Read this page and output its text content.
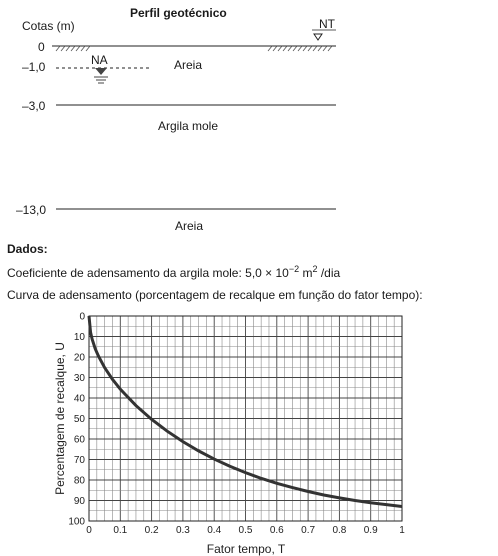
Perfil geotécnico
Cotas (m)	NT
NA
0
–1,0
–3,0
–13,0
Areia
Argila mole
Areia
Dados:
Coeficiente de adensamento da argila mole: $5,0 \times 10^{-2}$ $m^2$ /dia
Curva de adensamento (porcentagem de recalque em função do fator tempo):
0 0.1 0.2 0.3 0.4 0.5 0.6 0.7 0.8 0.9 1
0
10
20
30
40
50
60
70
80
90
100
Fator tempo, T
Percentagem de recalque, U
